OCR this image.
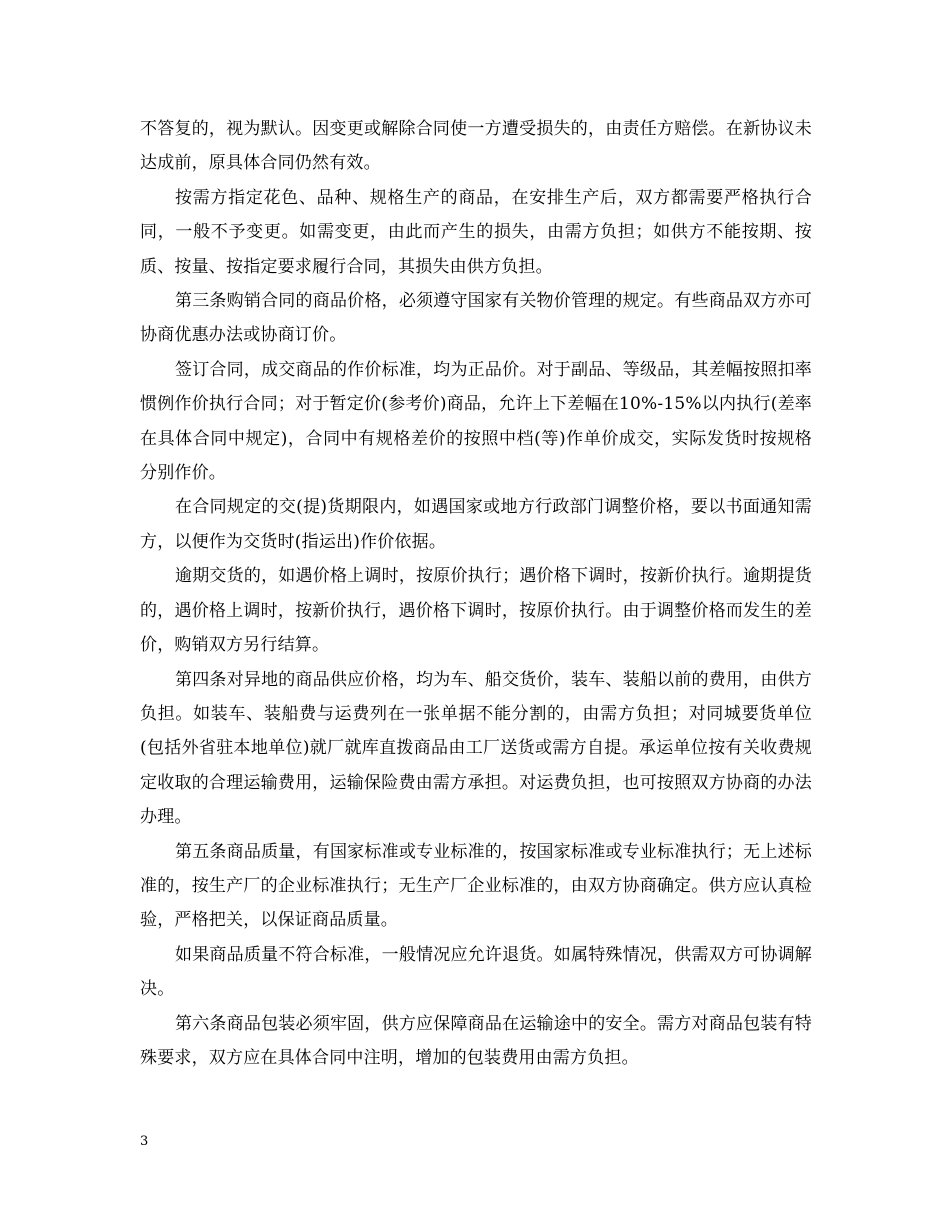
不答复的，视为默认。因变更或解除合同使一方遭受损失的，由责任方赔偿。在新协议未达成前，原具体合同仍然有效。

按需方指定花色、品种、规格生产的商品，在安排生产后，双方都需要严格执行合同，一般不予变更。如需变更，由此而产生的损失，由需方负担；如供方不能按期、按质、按量、按指定要求履行合同，其损失由供方负担。

第三条购销合同的商品价格，必须遵守国家有关物价管理的规定。有些商品双方亦可协商优惠办法或协商订价。

签订合同，成交商品的作价标准，均为正品价。对于副品、等级品，其差幅按照扣率惯例作价执行合同；对于暂定价(参考价)商品，允许上下差幅在10%-15%以内执行(差率在具体合同中规定)，合同中有规格差价的按照中档(等)作单价成交，实际发货时按规格分别作价。

在合同规定的交(提)货期限内，如遇国家或地方行政部门调整价格，要以书面通知需方，以便作为交货时(指运出)作价依据。

逾期交货的，如遇价格上调时，按原价执行；遇价格下调时，按新价执行。逾期提货的，遇价格上调时，按新价执行，遇价格下调时，按原价执行。由于调整价格而发生的差价，购销双方另行结算。

第四条对异地的商品供应价格，均为车、船交货价，装车、装船以前的费用，由供方负担。如装车、装船费与运费列在一张单据不能分割的，由需方负担；对同城要货单位(包括外省驻本地单位)就厂就库直拨商品由工厂送货或需方自提。承运单位按有关收费规定收取的合理运输费用，运输保险费由需方承担。对运费负担，也可按照双方协商的办法办理。

第五条商品质量，有国家标准或专业标准的，按国家标准或专业标准执行；无上述标准的，按生产厂的企业标准执行；无生产厂企业标准的，由双方协商确定。供方应认真检验，严格把关，以保证商品质量。

如果商品质量不符合标准，一般情况应允许退货。如属特殊情况，供需双方可协调解决。

第六条商品包装必须牢固，供方应保障商品在运输途中的安全。需方对商品包装有特殊要求，双方应在具体合同中注明，增加的包装费用由需方负担。

3
